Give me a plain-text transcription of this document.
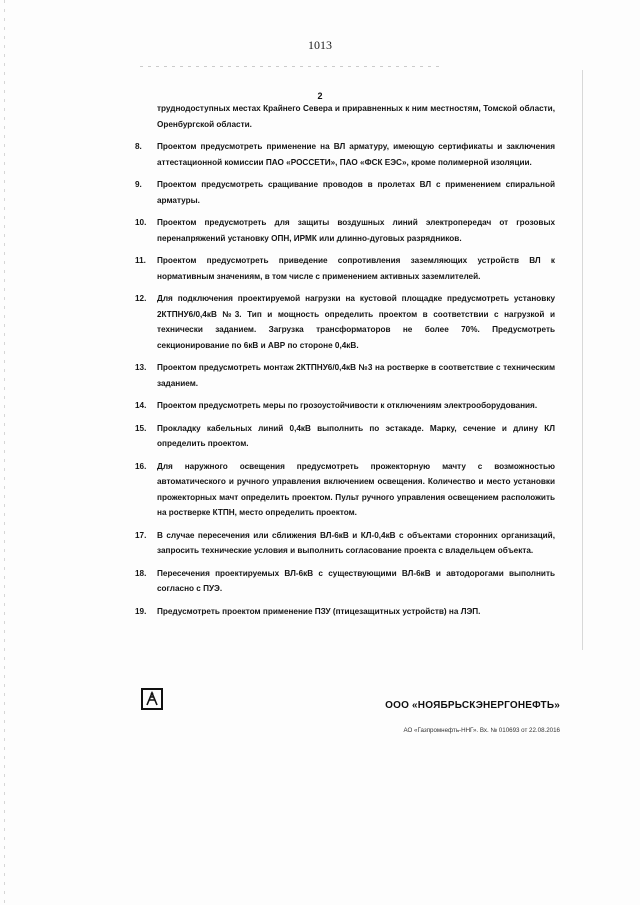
1013
2
труднодоступных местах Крайнего Севера и приравненных к ним местностям, Томской области, Оренбургской области.
8.	Проектом предусмотреть применение на ВЛ арматуру, имеющую сертификаты и заключения аттестационной комиссии ПАО «РОССЕТИ», ПАО «ФСК ЕЭС», кроме полимерной изоляции.
9.	Проектом предусмотреть сращивание проводов в пролетах ВЛ с применением спиральной арматуры.
10.	Проектом предусмотреть для защиты воздушных линий электропередач от грозовых перенапряжений установку ОПН, ИРМК или длинно-дуговых разрядников.
11.	Проектом предусмотреть приведение сопротивления заземляющих устройств ВЛ к нормативным значениям, в том числе с применением активных заземлителей.
12.	Для подключения проектируемой нагрузки на кустовой площадке предусмотреть установку 2КТПНУ6/0,4кВ №3. Тип и мощность определить проектом в соответствии с нагрузкой и технически заданием. Загрузка трансформаторов не более 70%. Предусмотреть секционирование по 6кВ и АВР по стороне 0,4кВ.
13.	Проектом предусмотреть монтаж 2КТПНУ6/0,4кВ №3 на ростверке в соответствие с техническим заданием.
14.	Проектом предусмотреть меры по грозоустойчивости к отключениям электрооборудования.
15.	Прокладку кабельных линий 0,4кВ выполнить по эстакаде. Марку, сечение и длину КЛ определить проектом.
16.	Для наружного освещения предусмотреть прожекторную мачту с возможностью автоматического и ручного управления включением освещения. Количество и место установки прожекторных мачт определить проектом. Пульт ручного управления освещением расположить на ростверке КТПН, место определить проектом.
17.	В случае пересечения или сближения ВЛ-6кВ и КЛ-0,4кВ с объектами сторонних организаций, запросить технические условия и выполнить согласование проекта с владельцем объекта.
18.	Пересечения проектируемых ВЛ-6кВ с существующими ВЛ-6кВ и автодорогами выполнить согласно с ПУЭ.
19.	Предусмотреть проектом применение ПЗУ (птицезащитных устройств) на ЛЭП.
ООО «НОЯБРЬСКЭНЕРГОНЕФТЬ»
АО «Газпромнефть-ННГ». Вх. № 010693 от 22.08.2016
